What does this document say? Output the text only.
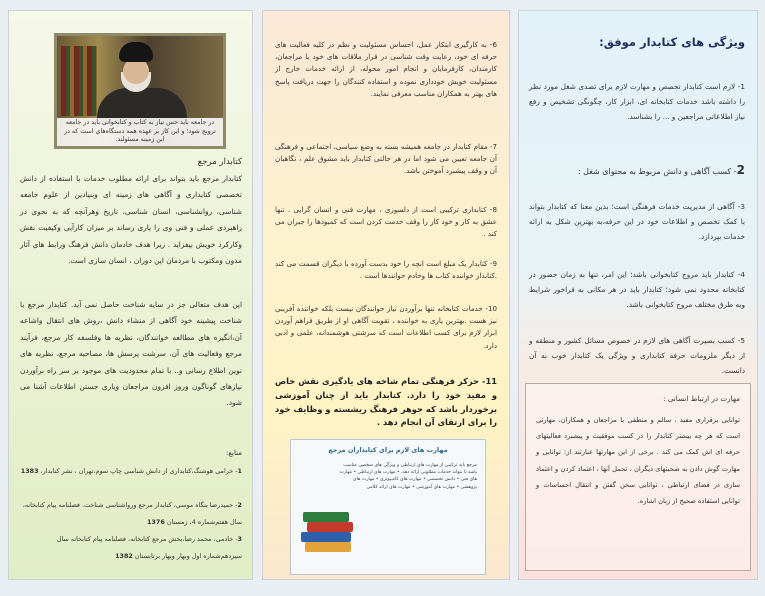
در جامعه باید حس نیاز به کتاب و کتابخوانی باید در جامعه ترویج شود؛ و این کار بر عهده همه دستگاه‌های است که در این زمینه مسئولند.
کتابدار مرجع
کتابدار مرجع باید بتواند برای ارائه مطلوب خدمات با استفاده از دانش تخصصی کتابداری و آگاهی های زمینه ای وبنیادین از علوم جامعه شناسی، روانشناسی، انسان شناسی، تاریخ وهرآنچه که به نحوی در راهبردی عملی و فنی وی را یاری رساند بر میزان کارآیی وکیفیت نقش وکارکرد خویش بیفزاید . زیرا هدف خادمان دانش فرهنگ ورابط های آثار مدون ومکتوب با مردمان این دوران ، انسان سازی است.
این هدف متعالی جز در سایه شناخت حاصل نمی آید. کتابدار مرجع با شناخت پیشینه خود آگاهی از منشاء دانش ،روش های انتقال واشاعه آن،انگیزه های مطالعه خوانندگان، نظریه ها وفلسفه کار مرجع، فرآیند مرجع وفعالیت های آن، سرشت پرسش ها، مصاحبه مرجع، نظریه های نوین اطلاع رسانی و.. با تمام محدودیت های موجود بر سر راه برآوردن نیازهای گوناگون وروز افزون مراجعان ویاری جستن اطلاعات آشنا می شود.
منابع:
1- خرامی هوشنگ،کتابداری از دانش شناسی چاپ سوم،تهران ، نشر کتابدار، 1383
2- حمیدرضا بنگاه موسی، کتابدار مرجع ورواشناسی شناخت. فصلنامه پیام کتابخانه، سال هفتم‌شماره 4، زمستان 1376
3- خادمی، محمد رضا،بخش مرجع کتابخانه، فصلنامه پیام کتابخانه سال سیزدهم‌شماره اول وبهار وبهار برتابستان 1382
6- به کارگیری ابتکار عمل، احساس مسئولیت و نظم در کلیه فعالیت های حرفه ای خود، رعایت وقت شناسی در قرار ملاقات های خود با مراجعان، کارمندان، کارفرمایان و انجام امور محوله، از ارائه خدمات خارج از مسئولیت خویش خودداری نموده و استفاده کنندگان را جهت دریافت پاسخ های بهتر به همکاران مناسب معرفی نمایند.
7- مقام کتابدار در جامعه همیشه بسته به وضع سیاسی، اجتماعی و فرهنگی آن جامعه تعیین می شود اما در هر حالتی کتابدار باید مشوق علم ، نگاهبان آن و وقف پیشبرد آموختن باشد.
8- کتابداری ترکیبی است از دلسوزی ، مهارت فنی و انسان گرایی . تنها عشق به کار و خود کار را وقف خدمت کردن است که کمبودها را جبران می کند .
9- کتابدار یک مبلغ است انچه را خود بدست آورده با دیگران قسمت می کند .کتابدار خواننده کتاب ها وخادم خوانندها است .
10- خدمات کتابخانه تنها برآوردن نیاز خوانندگان نیست بلکه خواننده آفرینی نیز هست .بهترین یاری به خواننده ، تقویت آگاهی او از طریق فراهم آوردن ابزار لازم برای کسب اطلاعات است که سرشتی هوشمندانه، علمی و ادبی دارد.
11- حرکر فرهنگی تمام شاخه های یادگیری نقش خاص و مفید خود را دارد. کتابدار باید از چنان آموزشی برخوردار باشد که جوهر فرهنگ ریشسته و وظایف خود را برای ارتقای آن انجام دهد .
مهارت های لازم برای کتابداران مرجع
مرجع باید ترکیبی از مهارت های ارتباطی و ویژگی های شخصی مناسب باشد تا بتواند خدمات مطلوبی ارائه دهد. • مهارت های ارتباطی • مهارت های فنی • دانش تخصصی • مهارت های کامپیوتری • مهارت های پژوهشی • مهارت های آموزشی • مهارت های ارائه کلامی
ویژگی های کتابدار موفق:
1- لازم است کتابدار تخصص و مهارت لازم برای تصدی شغل مورد نظر را داشته باشد خدمات کتابخانه ای، ابزار کار، چگونگی تشخیص و رفع نیاز اطلاعاتی مراجعین و ... را بشناسد.
2- کسب آگاهی و دانش مربوط به محتوای شغل :
3- آگاهی از مدیریت خدمات فرهنگی است؛ بدین معنا که کتابدار بتواند با کمک تخصص و اطلاعات خود در این حرفه،به بهترین شکل به ارائه خدمات بپردازد.
4- کتابدار باید مروج کتابخوانی باشد؛ این امر، تنها به زمان حضور در کتابخانه محدود نمی شود؛ کتابدار باید در هر مکانی به فراخور شرایط وبه طرق مختلف مروج کتابخوانی باشد.
5- کسب بصیرت آگاهی های لازم در خصوص مسائل کشور و منطقه و از دیگر ملزومات حرفه کتابداری و ویژگی یک کتابدار خوب به آن دانست.
مهارت در ارتباط انسانی :
توانایی برقراری مفید ، سالم و منطقی با مراجعان و همکاران، مهارتی است که هر چه بیشتر کتابدار را در کسب موفقیت و پیشبرد فعالیتهای حرفه ای اش کمک می کند . برخی از این مهارتها عبارتند از: توانایی و مهارت گوش دادن به صحبتهای دیگران ، تحمل آنها ، اعتماد کردن و اعتماد سازی در فضای ارتباطی ، توانایی سخن گفتن و انتقال احساسات و توانایی استفاده صحیح از زبان اشاره.
